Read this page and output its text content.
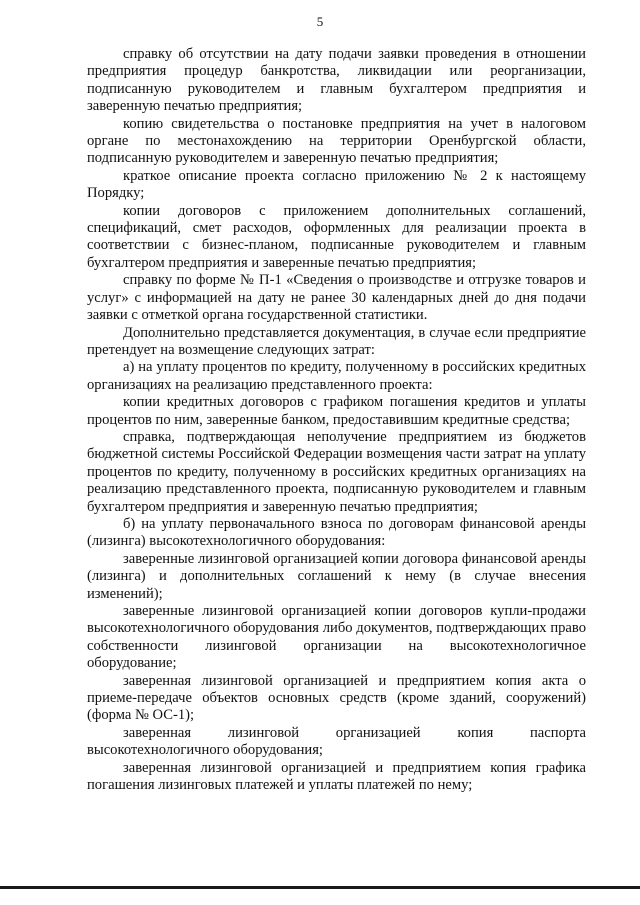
5

справку об отсутствии на дату подачи заявки проведения в отношении предприятия процедур банкротства, ликвидации или реорганизации, подписанную руководителем и главным бухгалтером предприятия и заверенную печатью предприятия;

копию свидетельства о постановке предприятия на учет в налоговом органе по местонахождению на территории Оренбургской области, подписанную руководителем и заверенную печатью предприятия;

краткое описание проекта согласно приложению № 2 к настоящему Порядку;

копии договоров с приложением дополнительных соглашений, спецификаций, смет расходов, оформленных для реализации проекта в соответствии с бизнес-планом, подписанные руководителем и главным бухгалтером предприятия и заверенные печатью предприятия;

справку по форме № П-1 «Сведения о производстве и отгрузке товаров и услуг» с информацией на дату не ранее 30 календарных дней до дня подачи заявки с отметкой органа государственной статистики.

Дополнительно представляется документация, в случае если предприятие претендует на возмещение следующих затрат:

а) на уплату процентов по кредиту, полученному в российских кредитных организациях на реализацию представленного проекта:

копии кредитных договоров с графиком погашения кредитов и уплаты процентов по ним, заверенные банком, предоставившим кредитные средства;

справка, подтверждающая неполучение предприятием из бюджетов бюджетной системы Российской Федерации возмещения части затрат на уплату процентов по кредиту, полученному в российских кредитных организациях на реализацию представленного проекта, подписанную руководителем и главным бухгалтером предприятия и заверенную печатью предприятия;

б) на уплату первоначального взноса по договорам финансовой аренды (лизинга) высокотехнологичного оборудования:

заверенные лизинговой организацией копии договора финансовой аренды (лизинга) и дополнительных соглашений к нему (в случае внесения изменений);

заверенные лизинговой организацией копии договоров купли-продажи высокотехнологичного оборудования либо документов, подтверждающих право собственности лизинговой организации на высокотехнологичное оборудование;

заверенная лизинговой организацией и предприятием копия акта о приеме-передаче объектов основных средств (кроме зданий, сооружений) (форма № ОС-1);

заверенная лизинговой организацией копия паспорта высокотехнологичного оборудования;

заверенная лизинговой организацией и предприятием копия графика погашения лизинговых платежей и уплаты платежей по нему;
